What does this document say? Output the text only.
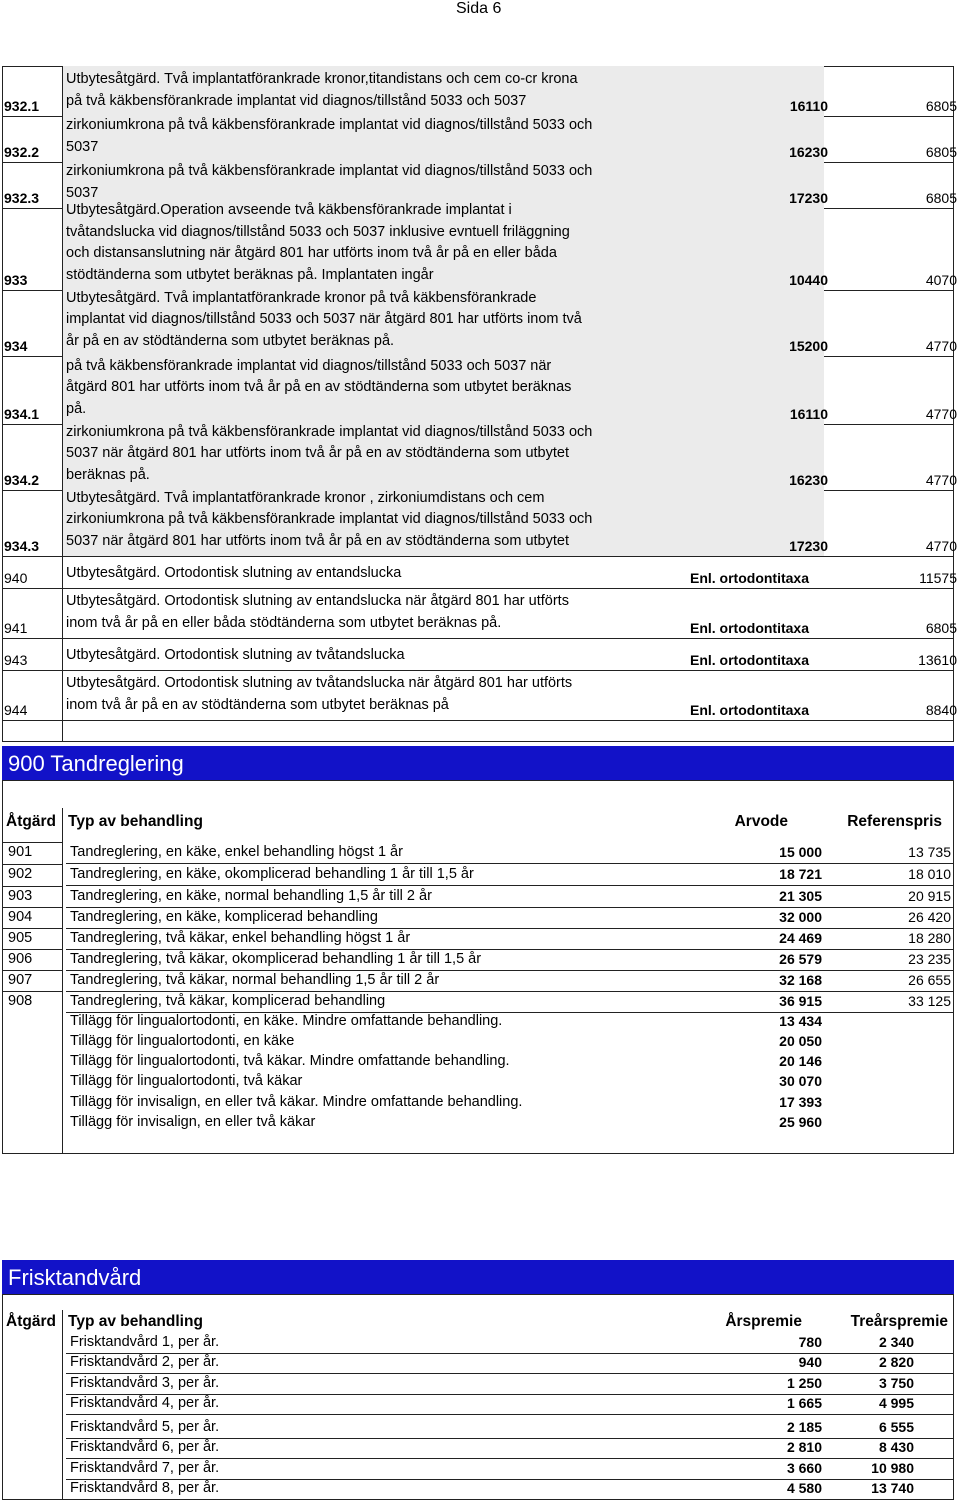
Sida 6
932.1
Utbytesåtgärd. Två implantatförankrade kronor,titandistans och cem co-cr krona
på två käkbensförankrade implantat vid diagnos/tillstånd 5033 och 5037	16110	6805
932.2
zirkoniumkrona på två käkbensförankrade implantat vid diagnos/tillstånd 5033 och
5037	16230	6805
932.3
zirkoniumkrona på två käkbensförankrade implantat vid diagnos/tillstånd 5033 och
5037	17230	6805
933
Utbytesåtgärd.Operation avseende två käkbensförankrade implantat i
tvåtandslucka vid diagnos/tillstånd 5033 och 5037 inklusive evntuell friläggning
och distansanslutning när åtgärd 801 har utförts inom två år på en eller båda
stödtänderna som utbytet beräknas på. Implantaten ingår	10440	4070
934
Utbytesåtgärd. Två implantatförankrade kronor på två käkbensförankrade
implantat vid diagnos/tillstånd 5033 och 5037 när åtgärd 801 har utförts inom två
år på en av stödtänderna som utbytet beräknas på.	15200	4770
934.1
på två käkbensförankrade implantat vid diagnos/tillstånd 5033 och 5037 när
åtgärd 801 har utförts inom två år på en av stödtänderna som utbytet beräknas
på.	16110	4770
934.2
zirkoniumkrona på två käkbensförankrade implantat vid diagnos/tillstånd 5033 och
5037 när åtgärd 801 har utförts inom två år på en av stödtänderna som utbytet
beräknas på.	16230	4770
934.3
Utbytesåtgärd. Två implantatförankrade kronor , zirkoniumdistans och cem
zirkoniumkrona på två käkbensförankrade implantat vid diagnos/tillstånd 5033 och
5037 när åtgärd 801 har utförts inom två år på en av stödtänderna som utbytet	17230	4770
940	Utbytesåtgärd. Ortodontisk slutning av entandslucka	Enl. ortodontitaxa	11575
941
Utbytesåtgärd. Ortodontisk slutning av entandslucka när åtgärd 801 har utförts
inom två år på en eller båda stödtänderna som utbytet beräknas på.	Enl. ortodontitaxa	6805
943	Utbytesåtgärd. Ortodontisk slutning av tvåtandslucka	Enl. ortodontitaxa	13610
944
Utbytesåtgärd. Ortodontisk slutning av tvåtandslucka när åtgärd 801 har utförts
inom två år på en av stödtänderna som utbytet beräknas på	Enl. ortodontitaxa	8840
900 Tandreglering
Åtgärd Typ av behandling	Arvode	Referenspris
901	Tandreglering, en käke, enkel behandling högst 1 år	15 000	13 735
902	Tandreglering, en käke, okomplicerad behandling 1 år till 1,5 år	18 721	18 010
903	Tandreglering, en käke, normal behandling 1,5 år till 2 år	21 305	20 915
904	Tandreglering, en käke, komplicerad behandling	32 000	26 420
905	Tandreglering, två käkar, enkel behandling högst 1 år	24 469	18 280
906	Tandreglering, två käkar, okomplicerad behandling 1 år till 1,5 år	26 579	23 235
907	Tandreglering, två käkar, normal behandling 1,5 år till 2 år	32 168	26 655
908	Tandreglering, två käkar, komplicerad behandling	36 915	33 125
Tillägg för lingualortodonti, en käke. Mindre omfattande behandling.	13 434
Tillägg för lingualortodonti, en käke	20 050
Tillägg för lingualortodonti, två käkar. Mindre omfattande behandling.	20 146
Tillägg för lingualortodonti, två käkar	30 070
Tillägg för invisalign, en eller två käkar. Mindre omfattande behandling.	17 393
Tillägg för invisalign, en eller två käkar	25 960
Frisktandvård
Åtgärd Typ av behandling	Årspremie	Treårspremie
Frisktandvård 1, per år.	780	2 340
Frisktandvård 2, per år.	940	2 820
Frisktandvård 3, per år.	1 250	3 750
Frisktandvård 4, per år.	1 665	4 995
Frisktandvård 5, per år.	2 185	6 555
Frisktandvård 6, per år.	2 810	8 430
Frisktandvård 7, per år.	3 660	10 980
Frisktandvård 8, per år.	4 580	13 740
